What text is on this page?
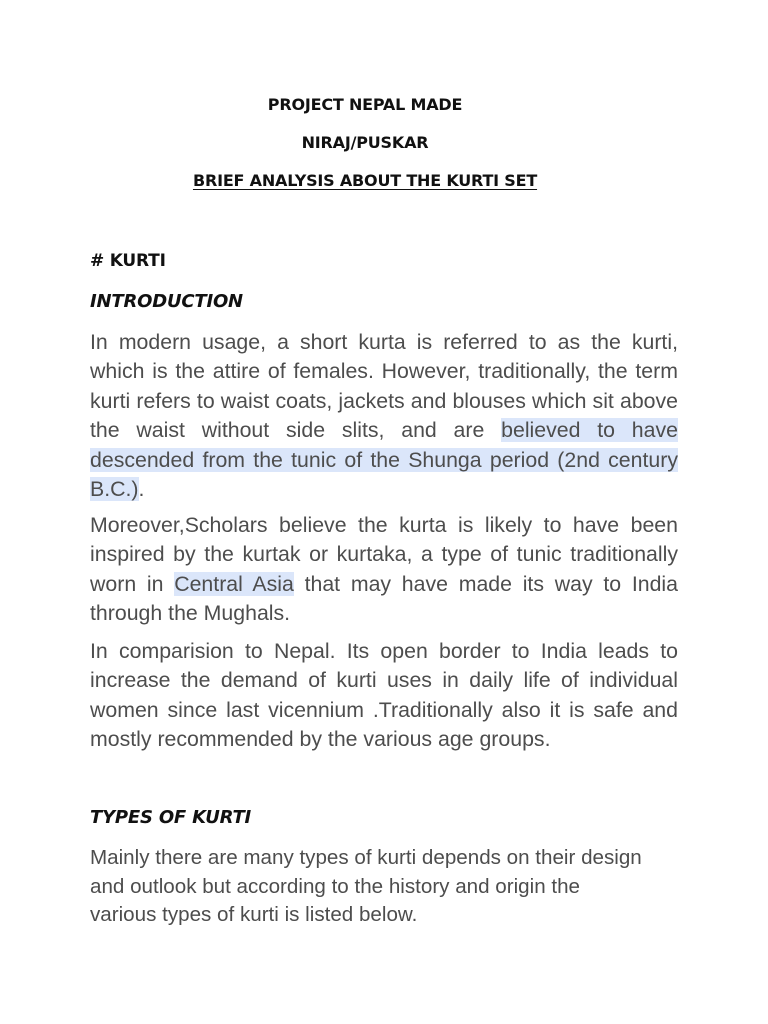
PROJECT NEPAL MADE
NIRAJ/PUSKAR
BRIEF ANALYSIS ABOUT THE KURTI SET
# KURTI
INTRODUCTION
In modern usage, a short kurta is referred to as the kurti, which is the attire of females. However, traditionally, the term kurti refers to waist coats, jackets and blouses which sit above the waist without side slits, and are believed to have descended from the tunic of the Shunga period (2nd century B.C.).
Moreover,Scholars believe the kurta is likely to have been inspired by the kurtak or kurtaka, a type of tunic traditionally worn in Central Asia that may have made its way to India through the Mughals.
In comparision to Nepal. Its open border to India leads to increase the demand of kurti uses in daily life of individual women since last vicennium .Traditionally also it is safe and mostly recommended by the various age groups.
TYPES OF KURTI
Mainly there are many types of kurti depends on their design and outlook but according to the history and origin the various types of kurti is listed below.
